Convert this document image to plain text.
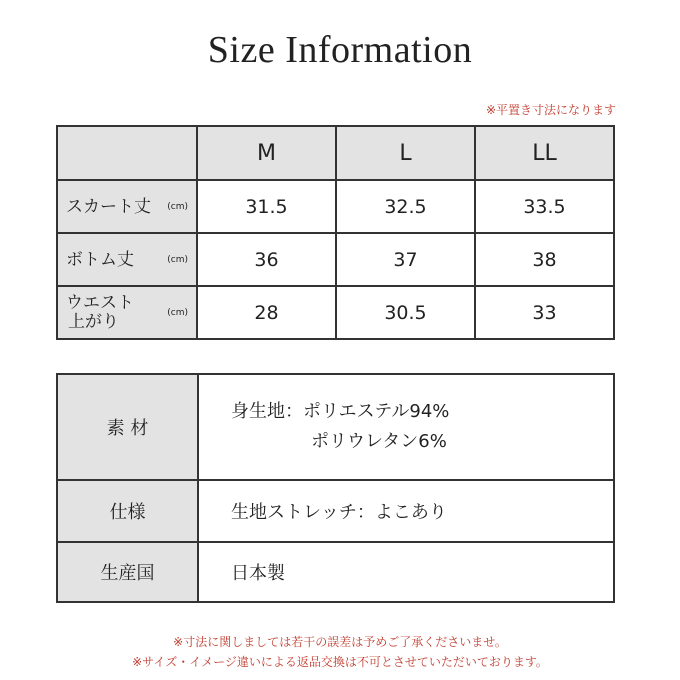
Size Information
※平置き寸法になります
	M	L	LL
スカート丈 (cm)	31.5	32.5	33.5
ボトム丈 (cm)	36	37	38
ウエスト
上がり (cm)	28	30.5	33
素 材	身生地：ポリエステル94%
ポリウレタン6%

仕様	生地ストレッチ：よこあり
生産国	日本製
※寸法に関しましては若干の誤差は予めご了承くださいませ。
※サイズ・イメージ違いによる返品交換は不可とさせていただいております。
